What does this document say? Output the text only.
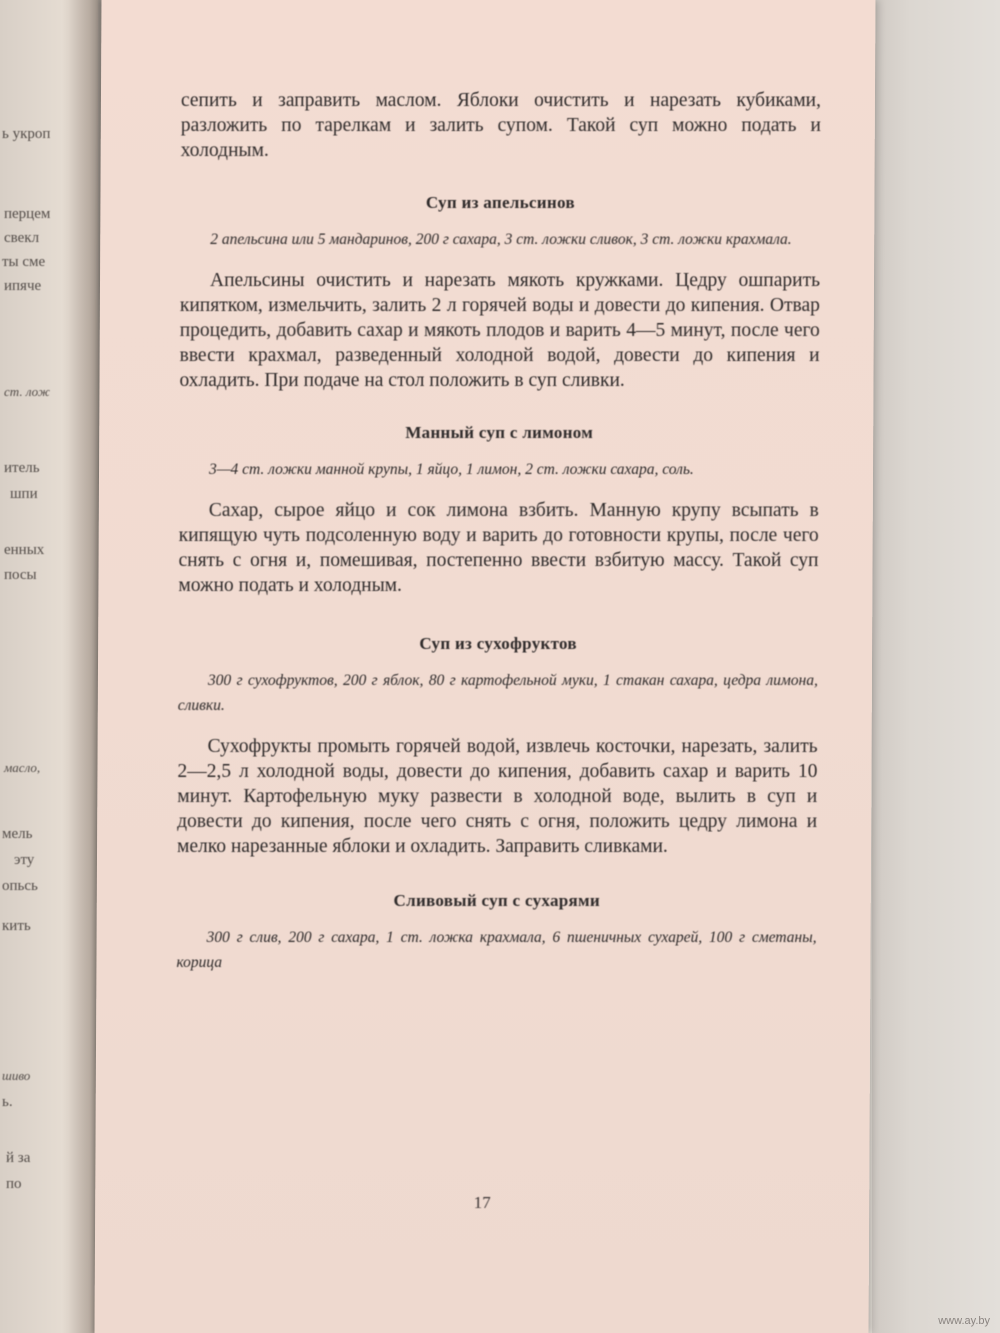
ь укроп
перцем
свекл
ты сме
ипяче
ст. лож
итель
шпи
енных
посы
масло,
мель
эту
опьсь
кить
шиво
ь.
й за
по

сепить и заправить маслом. Яблоки очистить и нарезать кубиками, разложить по тарелкам и залить супом. Такой суп можно подать и холодным.

Суп из апельсинов

2 апельсина или 5 мандаринов, 200 г сахара, 3 ст. ложки сливок, 3 ст. ложки крахмала.

Апельсины очистить и нарезать мякоть кружками. Цедру ошпарить кипятком, измельчить, залить 2 л горячей воды и довести до кипения. Отвар процедить, добавить сахар и мякоть плодов и варить 4—5 минут, после чего ввести крахмал, разведенный холодной водой, довести до кипения и охладить. При подаче на стол положить в суп сливки.

Манный суп с лимоном

3—4 ст. ложки манной крупы, 1 яйцо, 1 лимон, 2 ст. ложки сахара, соль.

Сахар, сырое яйцо и сок лимона взбить. Манную крупу всыпать в кипящую чуть подсоленную воду и варить до готовности крупы, после чего снять с огня и, помешивая, постепенно ввести взбитую массу. Такой суп можно подать и холодным.

Суп из сухофруктов

300 г сухофруктов, 200 г яблок, 80 г картофельной муки, 1 стакан сахара, цедра лимона, сливки.

Сухофрукты промыть горячей водой, извлечь косточки, нарезать, залить 2—2,5 л холодной воды, довести до кипения, добавить сахар и варить 10 минут. Картофельную муку развести в холодной воде, вылить в суп и довести до кипения, после чего снять с огня, положить цедру лимона и мелко нарезанные яблоки и охладить. Заправить сливками.

Сливовый суп с сухарями

300 г слив, 200 г сахара, 1 ст. ложка крахмала, 6 пшеничных сухарей, 100 г сметаны, корица

17
www.ay.by
